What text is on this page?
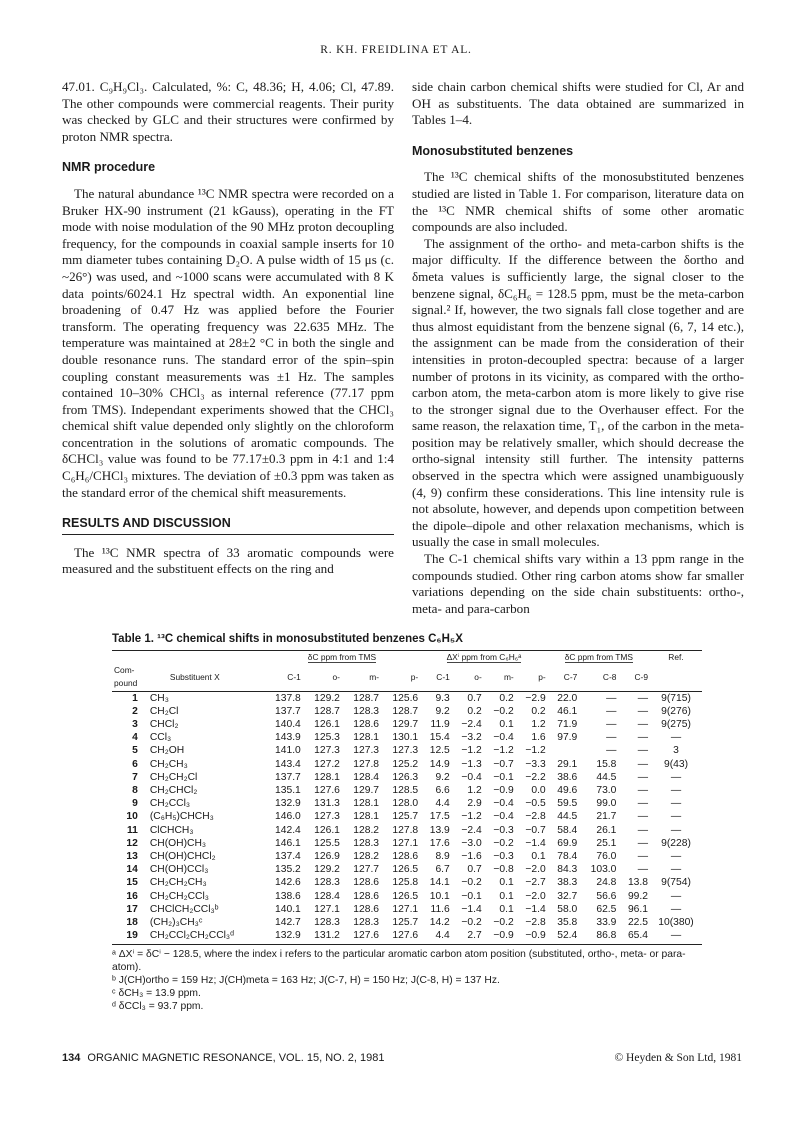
R. KH. FREIDLINA ET AL.

47.01. C₉H₉Cl₃. Calculated, %: C, 48.36; H, 4.06; Cl, 47.89. The other compounds were commercial reagents. Their purity was checked by GLC and their structures were confirmed by proton NMR spectra.

NMR procedure

The natural abundance ¹³C NMR spectra were recorded on a Bruker HX-90 instrument (21 kGauss), operating in the FT mode with noise modulation of the 90 MHz proton decoupling frequency, for the compounds in coaxial sample inserts for 10 mm diameter tubes containing D₂O. A pulse width of 15 μs (c. ~26°) was used, and ~1000 scans were accumulated with 8 K data points/6024.1 Hz spectral width. An exponential line broadening of 0.47 Hz was applied before the Fourier transform. The operating frequency was 22.635 MHz. The temperature was maintained at 28±2 °C in both the single and double resonance runs. The standard error of the spin–spin coupling constant measurements was ±1 Hz. The samples contained 10–30% CHCl₃ as internal reference (77.17 ppm from TMS). Independant experiments showed that the CHCl₃ chemical shift value depended only slightly on the chloroform concentration in the solutions of aromatic compounds. The δCHCl₃ value was found to be 77.17±0.3 ppm in 4:1 and 1:4 C₆H₆/CHCl₃ mixtures. The deviation of ±0.3 ppm was taken as the standard error of the chemical shift measurements.

RESULTS AND DISCUSSION

The ¹³C NMR spectra of 33 aromatic compounds were measured and the substituent effects on the ring and

side chain carbon chemical shifts were studied for Cl, Ar and OH as substituents. The data obtained are summarized in Tables 1–4.

Monosubstituted benzenes

The ¹³C chemical shifts of the monosubstituted benzenes studied are listed in Table 1. For comparison, literature data on the ¹³C NMR chemical shifts of some other aromatic compounds are also included.

The assignment of the ortho- and meta-carbon shifts is the major difficulty. If the difference between the δortho and δmeta values is sufficiently large, the signal closer to the benzene signal, δC₆H₆ = 128.5 ppm, must be the meta-carbon signal.² If, however, the two signals fall close together and are thus almost equidistant from the benzene signal (6, 7, 14 etc.), the assignment can be made from the consideration of their intensities in proton-decoupled spectra: because of a larger number of protons in its vicinity, as compared with the ortho-carbon atom, the meta-carbon atom is more likely to give rise to the stronger signal due to the Overhauser effect. For the same reason, the relaxation time, T₁, of the carbon in the meta-position may be relatively smaller, which should decrease the ortho-signal intensity still further. The intensity patterns observed in the spectra which were assigned unambiguously (4, 9) confirm these considerations. This line intensity rule is not absolute, however, and depends upon competition between the dipole–dipole and other relaxation mechanisms, which is usually the case in small molecules.

The C-1 chemical shifts vary within a 13 ppm range in the compounds studied. Other ring carbon atoms show far smaller variations depending on the side chain substituents: ortho-, meta- and para-carbon

Table 1. ¹³C chemical shifts in monosubstituted benzenes C₆H₅X
		δC ppm from TMS				ΔXⁱ ppm from C₆H₆ᵃ				δC ppm from TMS			Ref.
Com-
pound	Substituent X	C-1	o-	m-	p-	C-1	o-	m-	p-	C-7	C-8	C-9	
1	CH₃	137.8	129.2	128.7	125.6	9.3	0.7	0.2	−2.9	22.0	—	—	9(715)
2	CH₂Cl	137.7	128.7	128.3	128.7	9.2	0.2	−0.2	0.2	46.1	—	—	9(276)
3	CHCl₂	140.4	126.1	128.6	129.7	11.9	−2.4	0.1	1.2	71.9	—	—	9(275)
4	CCl₃	143.9	125.3	128.1	130.1	15.4	−3.2	−0.4	1.6	97.9	—	—	—
5	CH₂OH	141.0	127.3	127.3	127.3	12.5	−1.2	−1.2	−1.2		—	—	3
6	CH₂CH₃	143.4	127.2	127.8	125.2	14.9	−1.3	−0.7	−3.3	29.1	15.8	—	9(43)
7	CH₂CH₂Cl	137.7	128.1	128.4	126.3	9.2	−0.4	−0.1	−2.2	38.6	44.5	—	—
8	CH₂CHCl₂	135.1	127.6	129.7	128.5	6.6	1.2	−0.9	0.0	49.6	73.0	—	—
9	CH₂CCl₃	132.9	131.3	128.1	128.0	4.4	2.9	−0.4	−0.5	59.5	99.0	—	—
10	(C₆H₅)CHCH₃	146.0	127.3	128.1	125.7	17.5	−1.2	−0.4	−2.8	44.5	21.7	—	—
11	ClCHCH₃	142.4	126.1	128.2	127.8	13.9	−2.4	−0.3	−0.7	58.4	26.1	—	—
12	CH(OH)CH₃	146.1	125.5	128.3	127.1	17.6	−3.0	−0.2	−1.4	69.9	25.1	—	9(228)
13	CH(OH)CHCl₂	137.4	126.9	128.2	128.6	8.9	−1.6	−0.3	0.1	78.4	76.0	—	—
14	CH(OH)CCl₃	135.2	129.2	127.7	126.5	6.7	0.7	−0.8	−2.0	84.3	103.0	—	—
15	CH₂CH₂CH₃	142.6	128.3	128.6	125.8	14.1	−0.2	0.1	−2.7	38.3	24.8	13.8	9(754)
16	CH₂CH₂CCl₃	138.6	128.4	128.6	126.5	10.1	−0.1	0.1	−2.0	32.7	56.6	99.2	—
17	CHClCH₂CCl₃ᵇ	140.1	127.1	128.6	127.1	11.6	−1.4	0.1	−1.4	58.0	62.5	96.1	—
18	(CH₂)₃CH₃ᶜ	142.7	128.3	128.3	125.7	14.2	−0.2	−0.2	−2.8	35.8	33.9	22.5	10(380)
19	CH₂CCl₂CH₂CCl₃ᵈ	132.9	131.2	127.6	127.6	4.4	2.7	−0.9	−0.9	52.4	86.8	65.4	—

ᵃ ΔXⁱ = δCⁱ − 128.5, where the index i refers to the particular aromatic carbon atom position (substituted, ortho-, meta- or para-atom).

ᵇ J(CH)ortho = 159 Hz; J(CH)meta = 163 Hz; J(C-7, H) = 150 Hz; J(C-8, H) = 137 Hz.

ᶜ δCH₃ = 13.9 ppm.

ᵈ δCCl₃ = 93.7 ppm.

134 ORGANIC MAGNETIC RESONANCE, VOL. 15, NO. 2, 1981	© Heyden & Son Ltd, 1981
